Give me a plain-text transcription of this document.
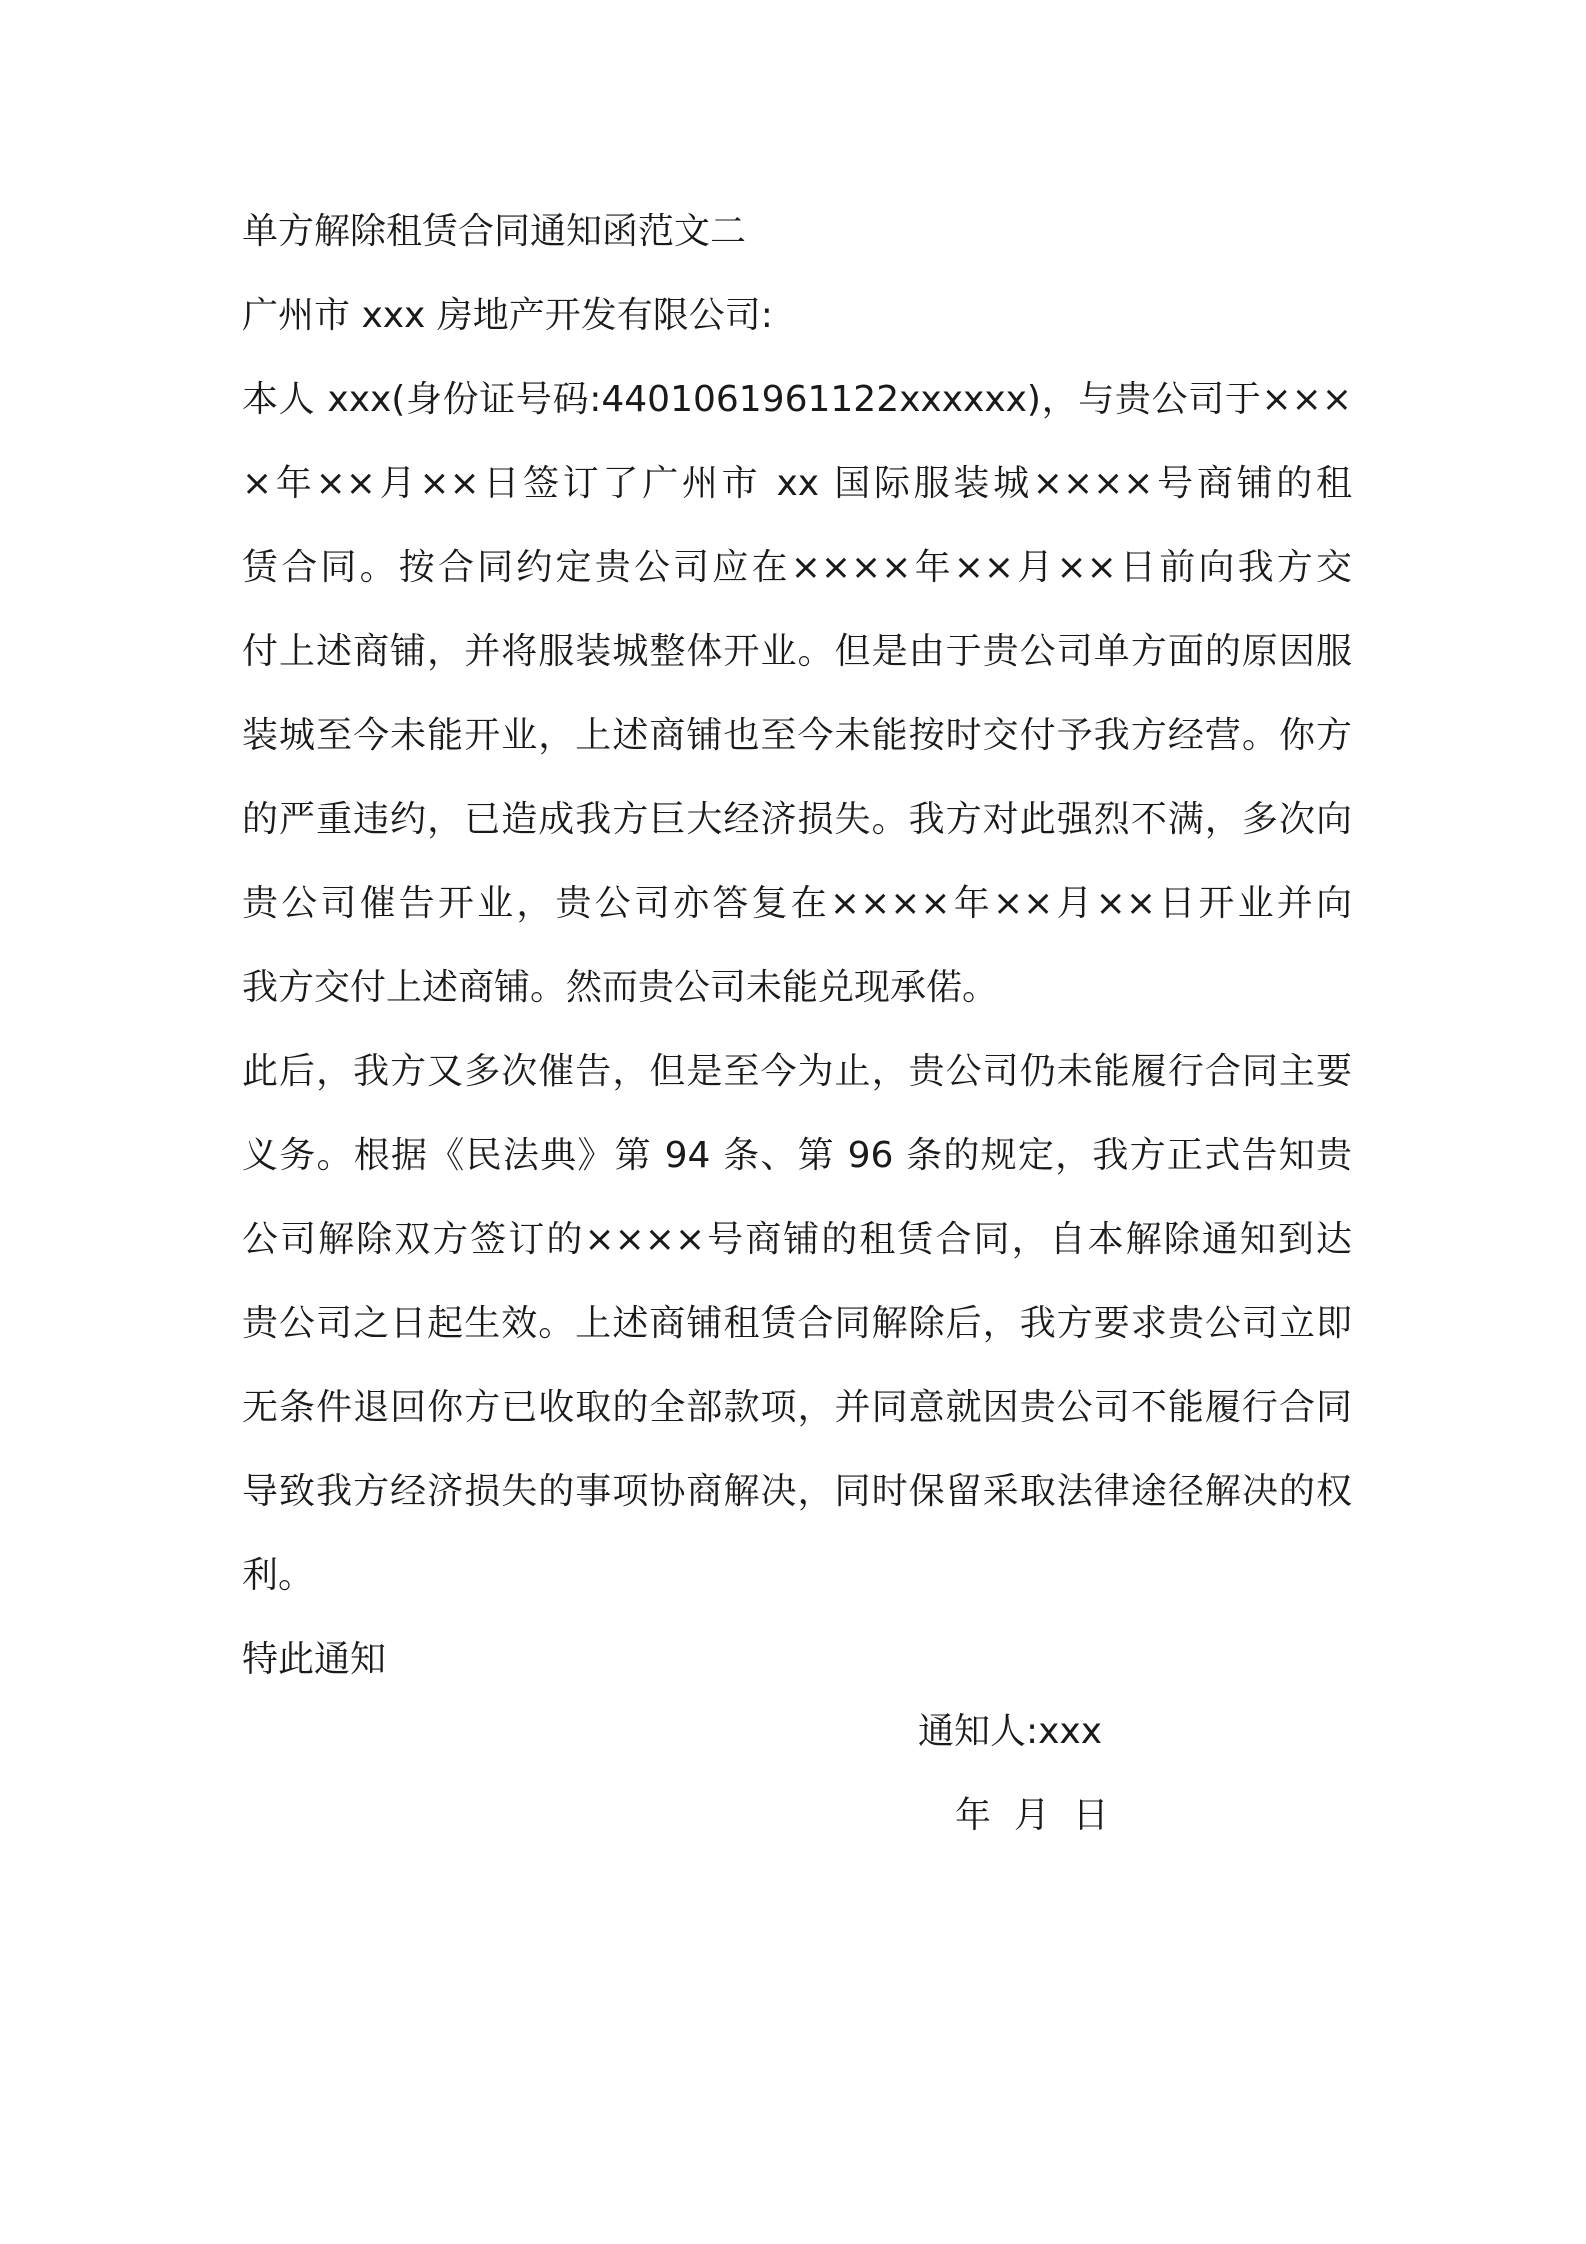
单方解除租赁合同通知函范文二
广州市 xxx 房地产开发有限公司:
本人 xxx(身份证号码:4401061961122xxxxxx)，与贵公司于×××
×年××月××日签订了广州市 xx 国际服装城××××号商铺的租
赁合同。按合同约定贵公司应在××××年××月××日前向我方交
付上述商铺，并将服装城整体开业。但是由于贵公司单方面的原因服
装城至今未能开业，上述商铺也至今未能按时交付予我方经营。你方
的严重违约，已造成我方巨大经济损失。我方对此强烈不满，多次向
贵公司催告开业，贵公司亦答复在××××年××月××日开业并向
我方交付上述商铺。然而贵公司未能兑现承偌。
此后，我方又多次催告，但是至今为止，贵公司仍未能履行合同主要
义务。根据《民法典》第 94 条、第 96 条的规定，我方正式告知贵
公司解除双方签订的××××号商铺的租赁合同，自本解除通知到达
贵公司之日起生效。上述商铺租赁合同解除后，我方要求贵公司立即
无条件退回你方已收取的全部款项，并同意就因贵公司不能履行合同
导致我方经济损失的事项协商解决，同时保留采取法律途径解决的权
利。
特此通知
通知人:xxx
年  月  日
